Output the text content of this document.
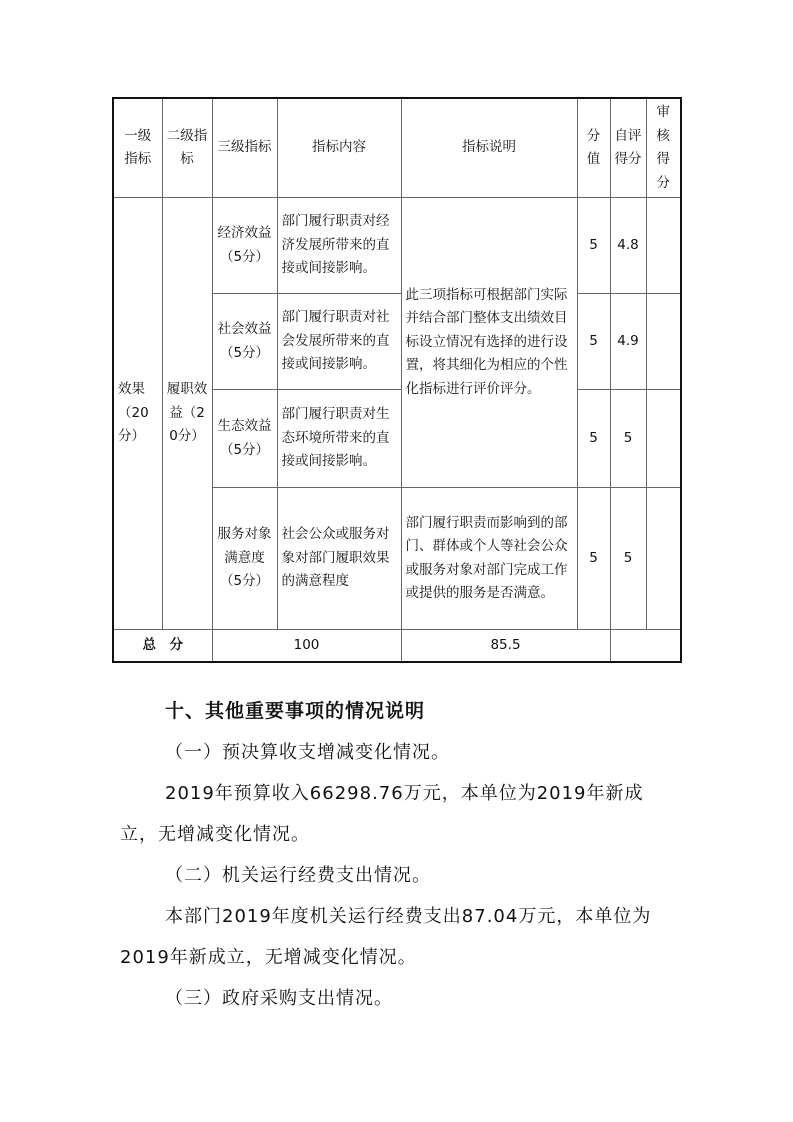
一级指标	二级指标	三级指标	指标内容	指标说明	分值	自评得分	审核得分
效果（20分）	履职效益（20分）	经济效益（5分）	部门履行职责对经济发展所带来的直接或间接影响。	此三项指标可根据部门实际并结合部门整体支出绩效目标设立情况有选择的进行设置，将其细化为相应的个性化指标进行评价评分。	5	4.8	
		社会效益（5分）	部门履行职责对社会发展所带来的直接或间接影响。		5	4.9	
		生态效益（5分）	部门履行职责对生态环境所带来的直接或间接影响。		5	5	
		服务对象满意度（5分）	社会公众或服务对象对部门履职效果的满意程度	部门履行职责而影响到的部门、群体或个人等社会公众或服务对象对部门完成工作或提供的服务是否满意。	5	5	
总　分		100		85.5			

十、其他重要事项的情况说明

（一）预决算收支增减变化情况。

2019年预算收入66298.76万元，本单位为2019年新成立，无增减变化情况。

（二）机关运行经费支出情况。

本部门2019年度机关运行经费支出87.04万元，本单位为2019年新成立，无增减变化情况。

（三）政府采购支出情况。
